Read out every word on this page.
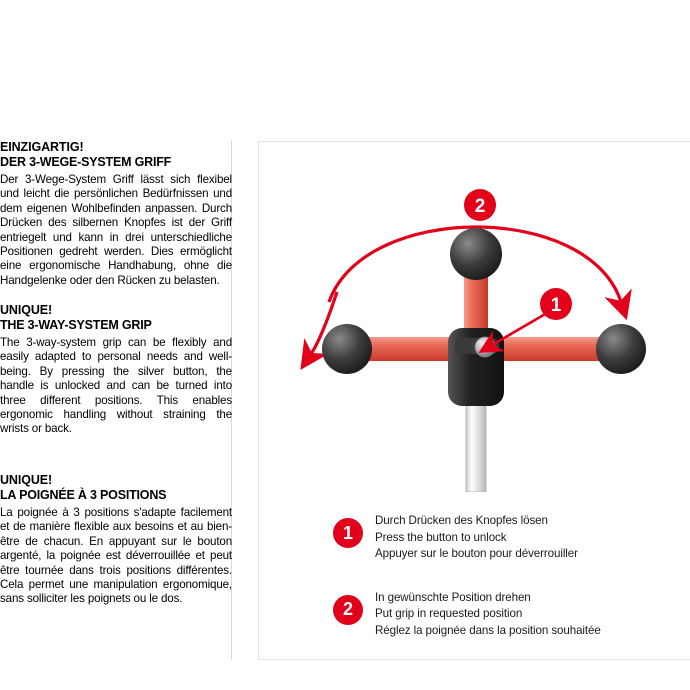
EINZIGARTIG!
DER 3-WEGE-SYSTEM GRIFF
Der 3-Wege-System Griff lässt sich flexibel und leicht die persönlichen Bedürfnissen und dem eigenen Wohlbefinden anpassen. Durch Drücken des silbernen Knopfes ist der Griff entriegelt und kann in drei unterschiedliche Positionen gedreht werden. Dies ermöglicht eine ergonomische Handhabung, ohne die Handgelenke oder den Rücken zu belasten.
UNIQUE!
THE 3-WAY-SYSTEM GRIP
The 3-way-system grip can be flexibly and easily adapted to personal needs and well-being. By pressing the silver button, the handle is unlocked and can be turned into three different positions. This enables ergonomic handling without straining the wrists or back.
UNIQUE!
LA POIGNÉE À 3 POSITIONS
La poignée à 3 positions s'adapte facilement et de manière flexible aux besoins et au bien-être de chacun. En appuyant sur le bouton argenté, la poignée est déverrouillée et peut être tournée dans trois positions différentes. Cela permet une manipulation ergonomique, sans solliciter les poignets ou le dos.
1
2
1
Durch Drücken des Knopfes lösen
Press the button to unlock
Appuyer sur le bouton pour déverrouiller
2
In gewünschte Position drehen
Put grip in requested position
Réglez la poignée dans la position souhaitée
